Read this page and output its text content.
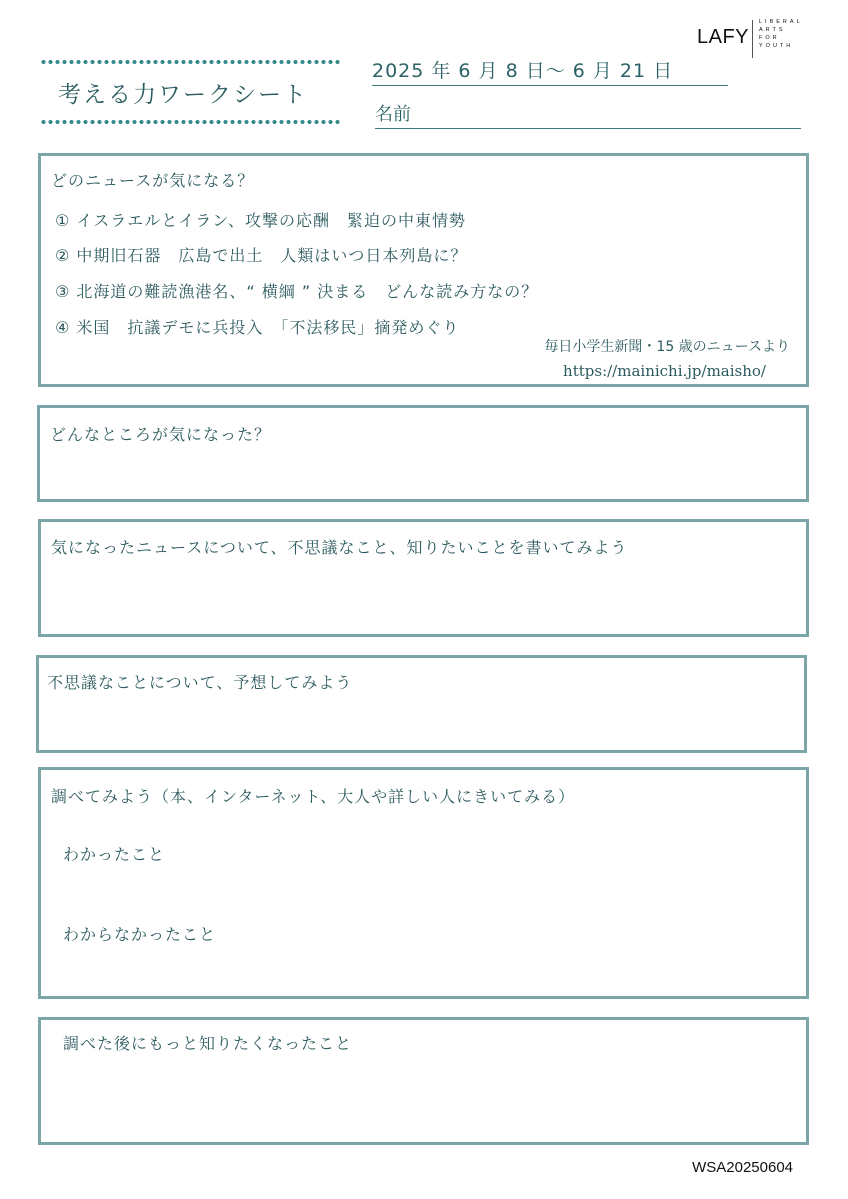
LAFY
LIBERAL
ARTS
FOR
YOUTH
考える力ワークシート
2025 年 6 月 8 日～ 6 月 21 日
名前
どのニュースが気になる？
① イスラエルとイラン、攻撃の応酬　緊迫の中東情勢
② 中期旧石器　広島で出土　人類はいつ日本列島に？
③ 北海道の難読漁港名、“ 横綱 ” 決まる　どんな読み方なの？
④ 米国　抗議デモに兵投入　「不法移民」摘発めぐり
毎日小学生新聞・15 歳のニュースより
https://mainichi.jp/maisho/
どんなところが気になった？
気になったニュースについて、不思議なこと、知りたいことを書いてみよう
不思議なことについて、予想してみよう
調べてみよう（本、インターネット、大人や詳しい人にきいてみる）
わかったこと
わからなかったこと
調べた後にもっと知りたくなったこと
WSA20250604
